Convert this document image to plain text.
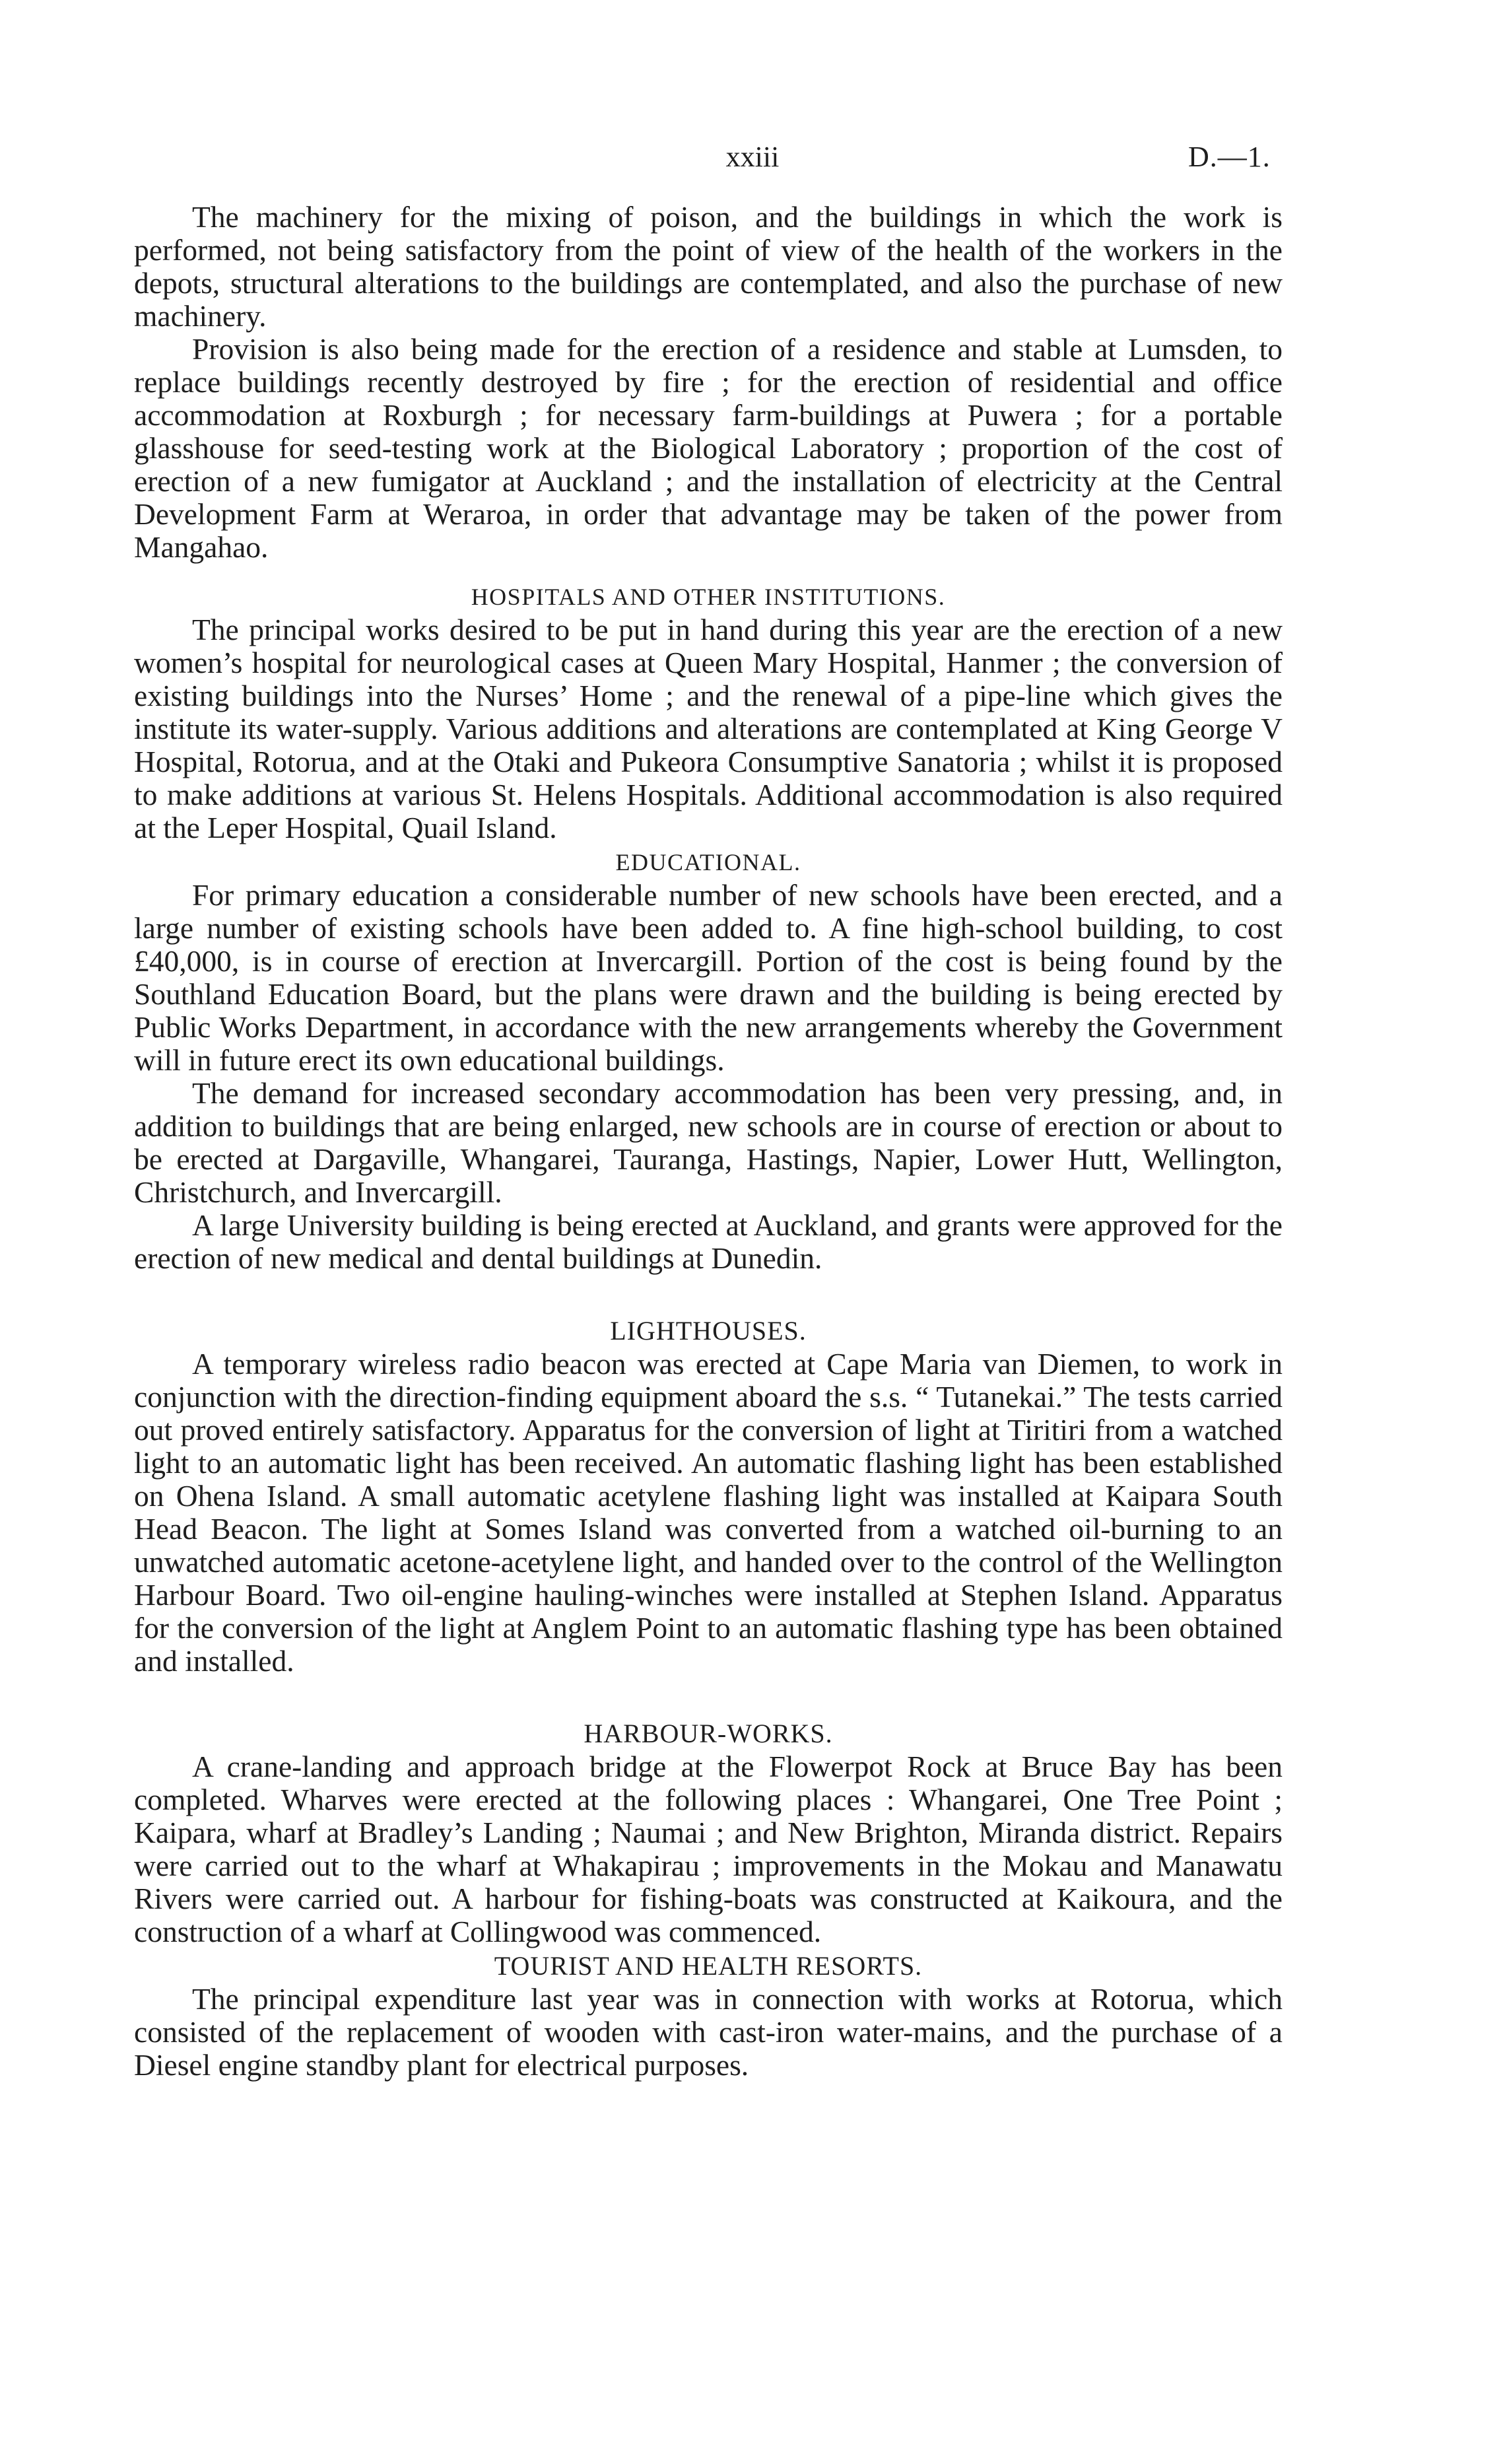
xxiii	D.—1.

The machinery for the mixing of poison, and the buildings in which the work is performed, not being satisfactory from the point of view of the health of the workers in the depots, structural alterations to the buildings are contemplated, and also the purchase of new machinery.

Provision is also being made for the erection of a residence and stable at Lumsden, to replace buildings recently destroyed by fire ; for the erection of residential and office accommodation at Roxburgh ; for necessary farm-buildings at Puwera ; for a portable glasshouse for seed-testing work at the Biological Laboratory ; proportion of the cost of erection of a new fumigator at Auckland ; and the installation of electricity at the Central Development Farm at Weraroa, in order that advantage may be taken of the power from Mangahao.

HOSPITALS AND OTHER INSTITUTIONS.

The principal works desired to be put in hand during this year are the erection of a new women’s hospital for neurological cases at Queen Mary Hospital, Hanmer ; the conversion of existing buildings into the Nurses’ Home ; and the renewal of a pipe-line which gives the institute its water-supply. Various additions and alterations are contemplated at King George V Hospital, Rotorua, and at the Otaki and Pukeora Consumptive Sanatoria ; whilst it is proposed to make additions at various St. Helens Hospitals. Additional accommodation is also required at the Leper Hospital, Quail Island.

EDUCATIONAL.

For primary education a considerable number of new schools have been erected, and a large number of existing schools have been added to. A fine high-school building, to cost £40,000, is in course of erection at Invercargill. Portion of the cost is being found by the Southland Education Board, but the plans were drawn and the building is being erected by Public Works Department, in accordance with the new arrangements whereby the Government will in future erect its own educational buildings.

The demand for increased secondary accommodation has been very pressing, and, in addition to buildings that are being enlarged, new schools are in course of erection or about to be erected at Dargaville, Whangarei, Tauranga, Hastings, Napier, Lower Hutt, Wellington, Christchurch, and Invercargill.

A large University building is being erected at Auckland, and grants were approved for the erection of new medical and dental buildings at Dunedin.

LIGHTHOUSES.

A temporary wireless radio beacon was erected at Cape Maria van Diemen, to work in conjunction with the direction-finding equipment aboard the s.s. “ Tutanekai.” The tests carried out proved entirely satisfactory. Apparatus for the conversion of light at Tiritiri from a watched light to an automatic light has been received. An automatic flashing light has been established on Ohena Island. A small automatic acetylene flashing light was installed at Kaipara South Head Beacon. The light at Somes Island was converted from a watched oil-burning to an unwatched automatic acetone-acetylene light, and handed over to the control of the Wellington Harbour Board. Two oil-engine hauling-winches were installed at Stephen Island. Apparatus for the conversion of the light at Anglem Point to an automatic flashing type has been obtained and installed.

HARBOUR-WORKS.

A crane-landing and approach bridge at the Flowerpot Rock at Bruce Bay has been completed. Wharves were erected at the following places : Whangarei, One Tree Point ; Kaipara, wharf at Bradley’s Landing ; Naumai ; and New Brighton, Miranda district. Repairs were carried out to the wharf at Whakapirau ; improvements in the Mokau and Manawatu Rivers were carried out. A harbour for fishing-boats was constructed at Kaikoura, and the construction of a wharf at Collingwood was commenced.

TOURIST AND HEALTH RESORTS.

The principal expenditure last year was in connection with works at Rotorua, which consisted of the replacement of wooden with cast-iron water-mains, and the purchase of a Diesel engine standby plant for electrical purposes.
